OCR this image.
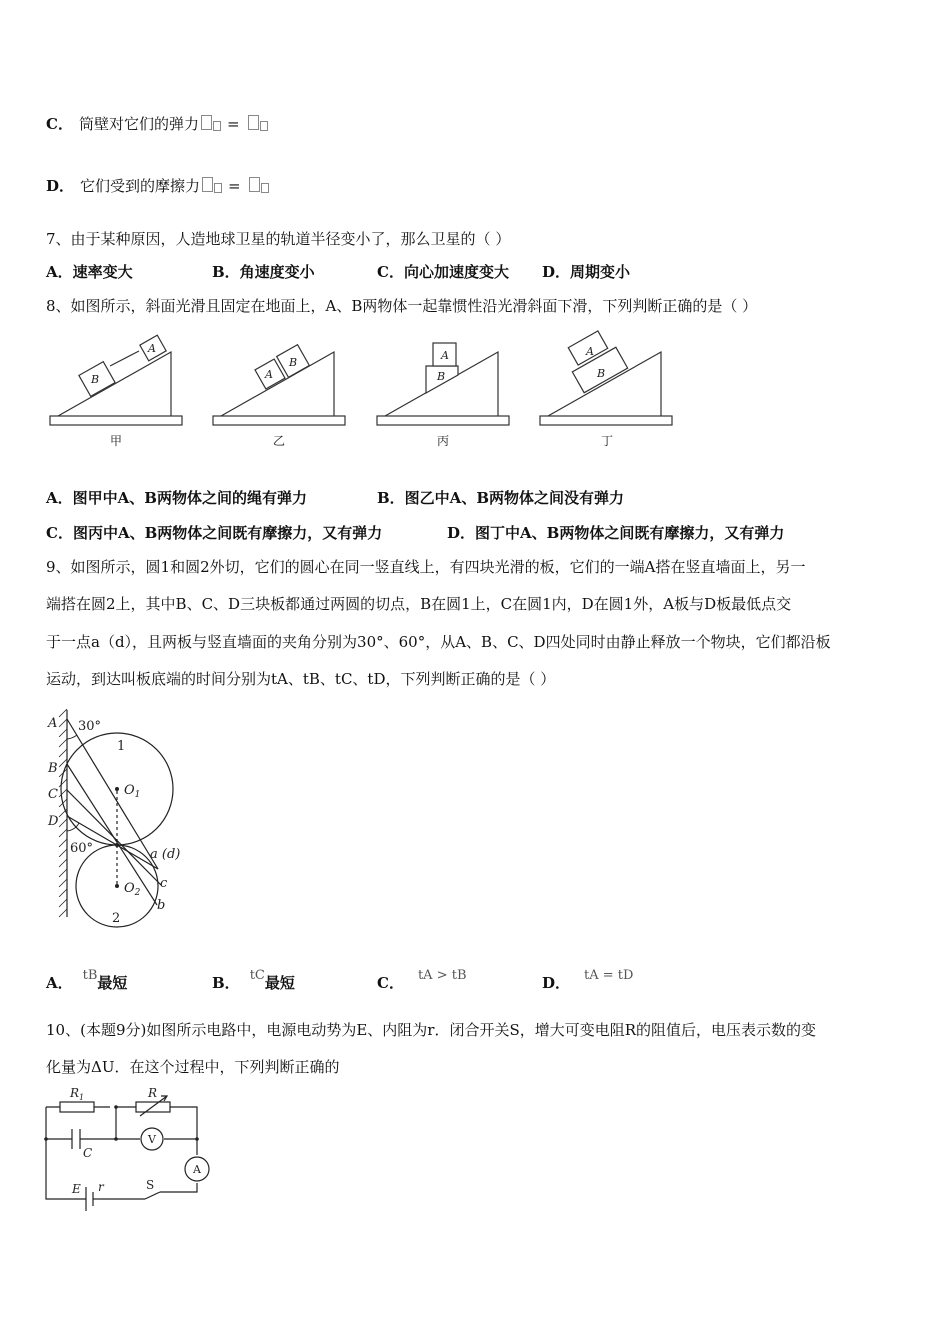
C． 筒壁对它们的弹力 =
D． 它们受到的摩擦力 =
7、由于某种原因，人造地球卫星的轨道半径变小了，那么卫星的（ ）
A．速率变大	B．角速度变小	C．向心加速度变大 D．周期变小
8、如图所示，斜面光滑且固定在地面上，A、B两物体一起靠惯性沿光滑斜面下滑，下列判断正确的是（ ）
B
A
A
B
A
B
A
B
甲	乙	丙	丁
A．图甲中A、B两物体之间的绳有弹力	B．图乙中A、B两物体之间没有弹力
C．图丙中A、B两物体之间既有摩擦力，又有弹力	D．图丁中A、B两物体之间既有摩擦力，又有弹力
9、如图所示，圆1和圆2外切，它们的圆心在同一竖直线上，有四块光滑的板，它们的一端A搭在竖直墙面上，另一
端搭在圆2上，其中B、C、D三块板都通过两圆的切点，B在圆1上，C在圆1内，D在圆1外，A板与D板最低点交
于一点a（d），且两板与竖直墙面的夹角分别为30°、60°，从A、B、C、D四处同时由静止释放一个物块，它们都沿板
运动，到达叫板底端的时间分别为tA、tB、tC、tD，下列判断正确的是（ ）
A
B
C
D
$O_1$
$O_2$
a (d)
c
b
30°
60°
1
2
A． tB最短	B． tC最短	C． tA > tB	D． tA = tD
10、(本题9分)如图所示电路中，电源电动势为E、内阻为r．闭合开关S，增大可变电阻R的阻值后，电压表示数的变
化量为ΔU．在这个过程中，下列判断正确的
$R_1$	R
C
V
A
E r	S
